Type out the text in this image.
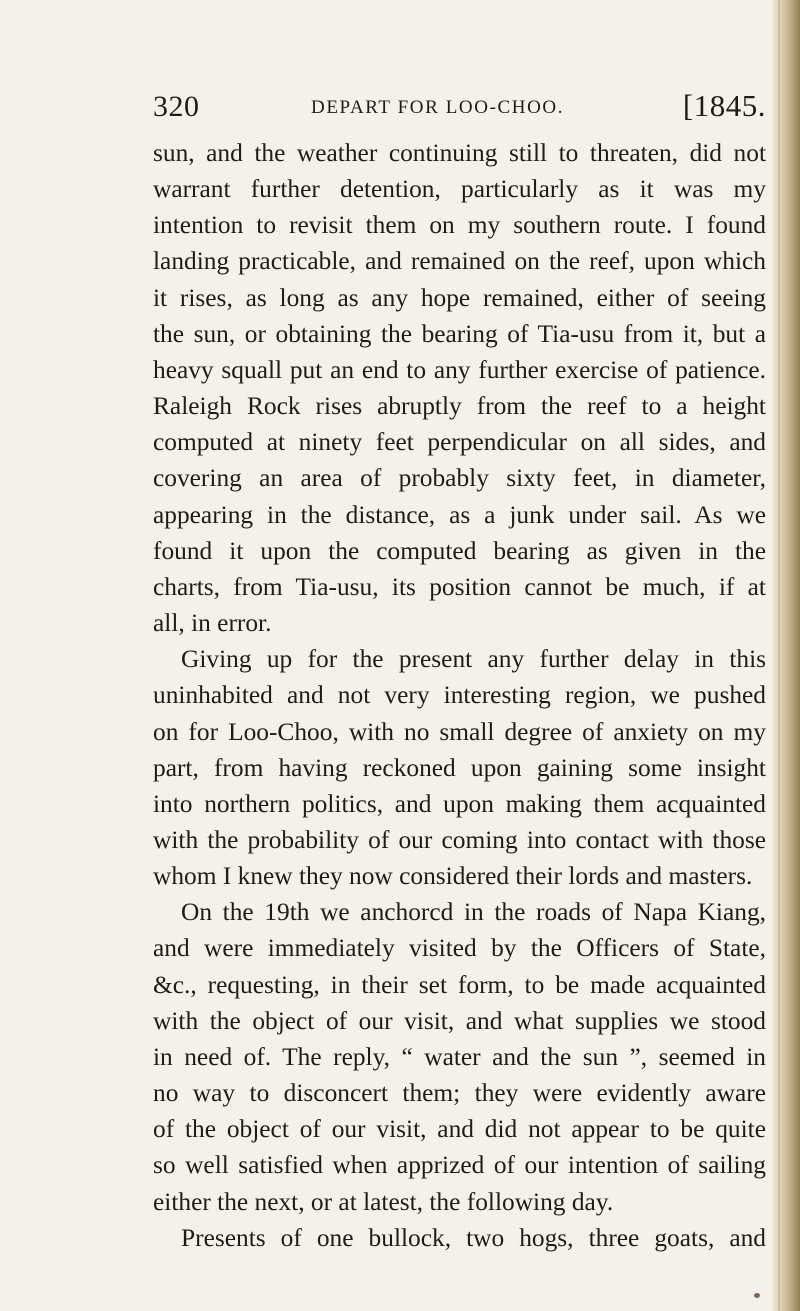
320	DEPART FOR LOO-CHOO.	[1845.
sun, and the weather continuing still to threaten, did not
warrant further detention, particularly as it was my
intention to revisit them on my southern route. I found
landing practicable, and remained on the reef, upon which
it rises, as long as any hope remained, either of seeing
the sun, or obtaining the bearing of Tia-usu from it, but a
heavy squall put an end to any further exercise of patience.
Raleigh Rock rises abruptly from the reef to a height
computed at ninety feet perpendicular on all sides, and
covering an area of probably sixty feet, in diameter,
appearing in the distance, as a junk under sail. As we
found it upon the computed bearing as given in the
charts, from Tia-usu, its position cannot be much, if at
all, in error.
Giving up for the present any further delay in this
uninhabited and not very interesting region, we pushed
on for Loo-Choo, with no small degree of anxiety on my
part, from having reckoned upon gaining some insight
into northern politics, and upon making them acquainted
with the probability of our coming into contact with those
whom I knew they now considered their lords and masters.
On the 19th we anchorcd in the roads of Napa Kiang,
and were immediately visited by the Officers of State,
&c., requesting, in their set form, to be made acquainted
with the object of our visit, and what supplies we stood
in need of. The reply, “ water and the sun ”, seemed in
no way to disconcert them; they were evidently aware
of the object of our visit, and did not appear to be quite
so well satisfied when apprized of our intention of sailing
either the next, or at latest, the following day.
Presents of one bullock, two hogs, three goats, and
